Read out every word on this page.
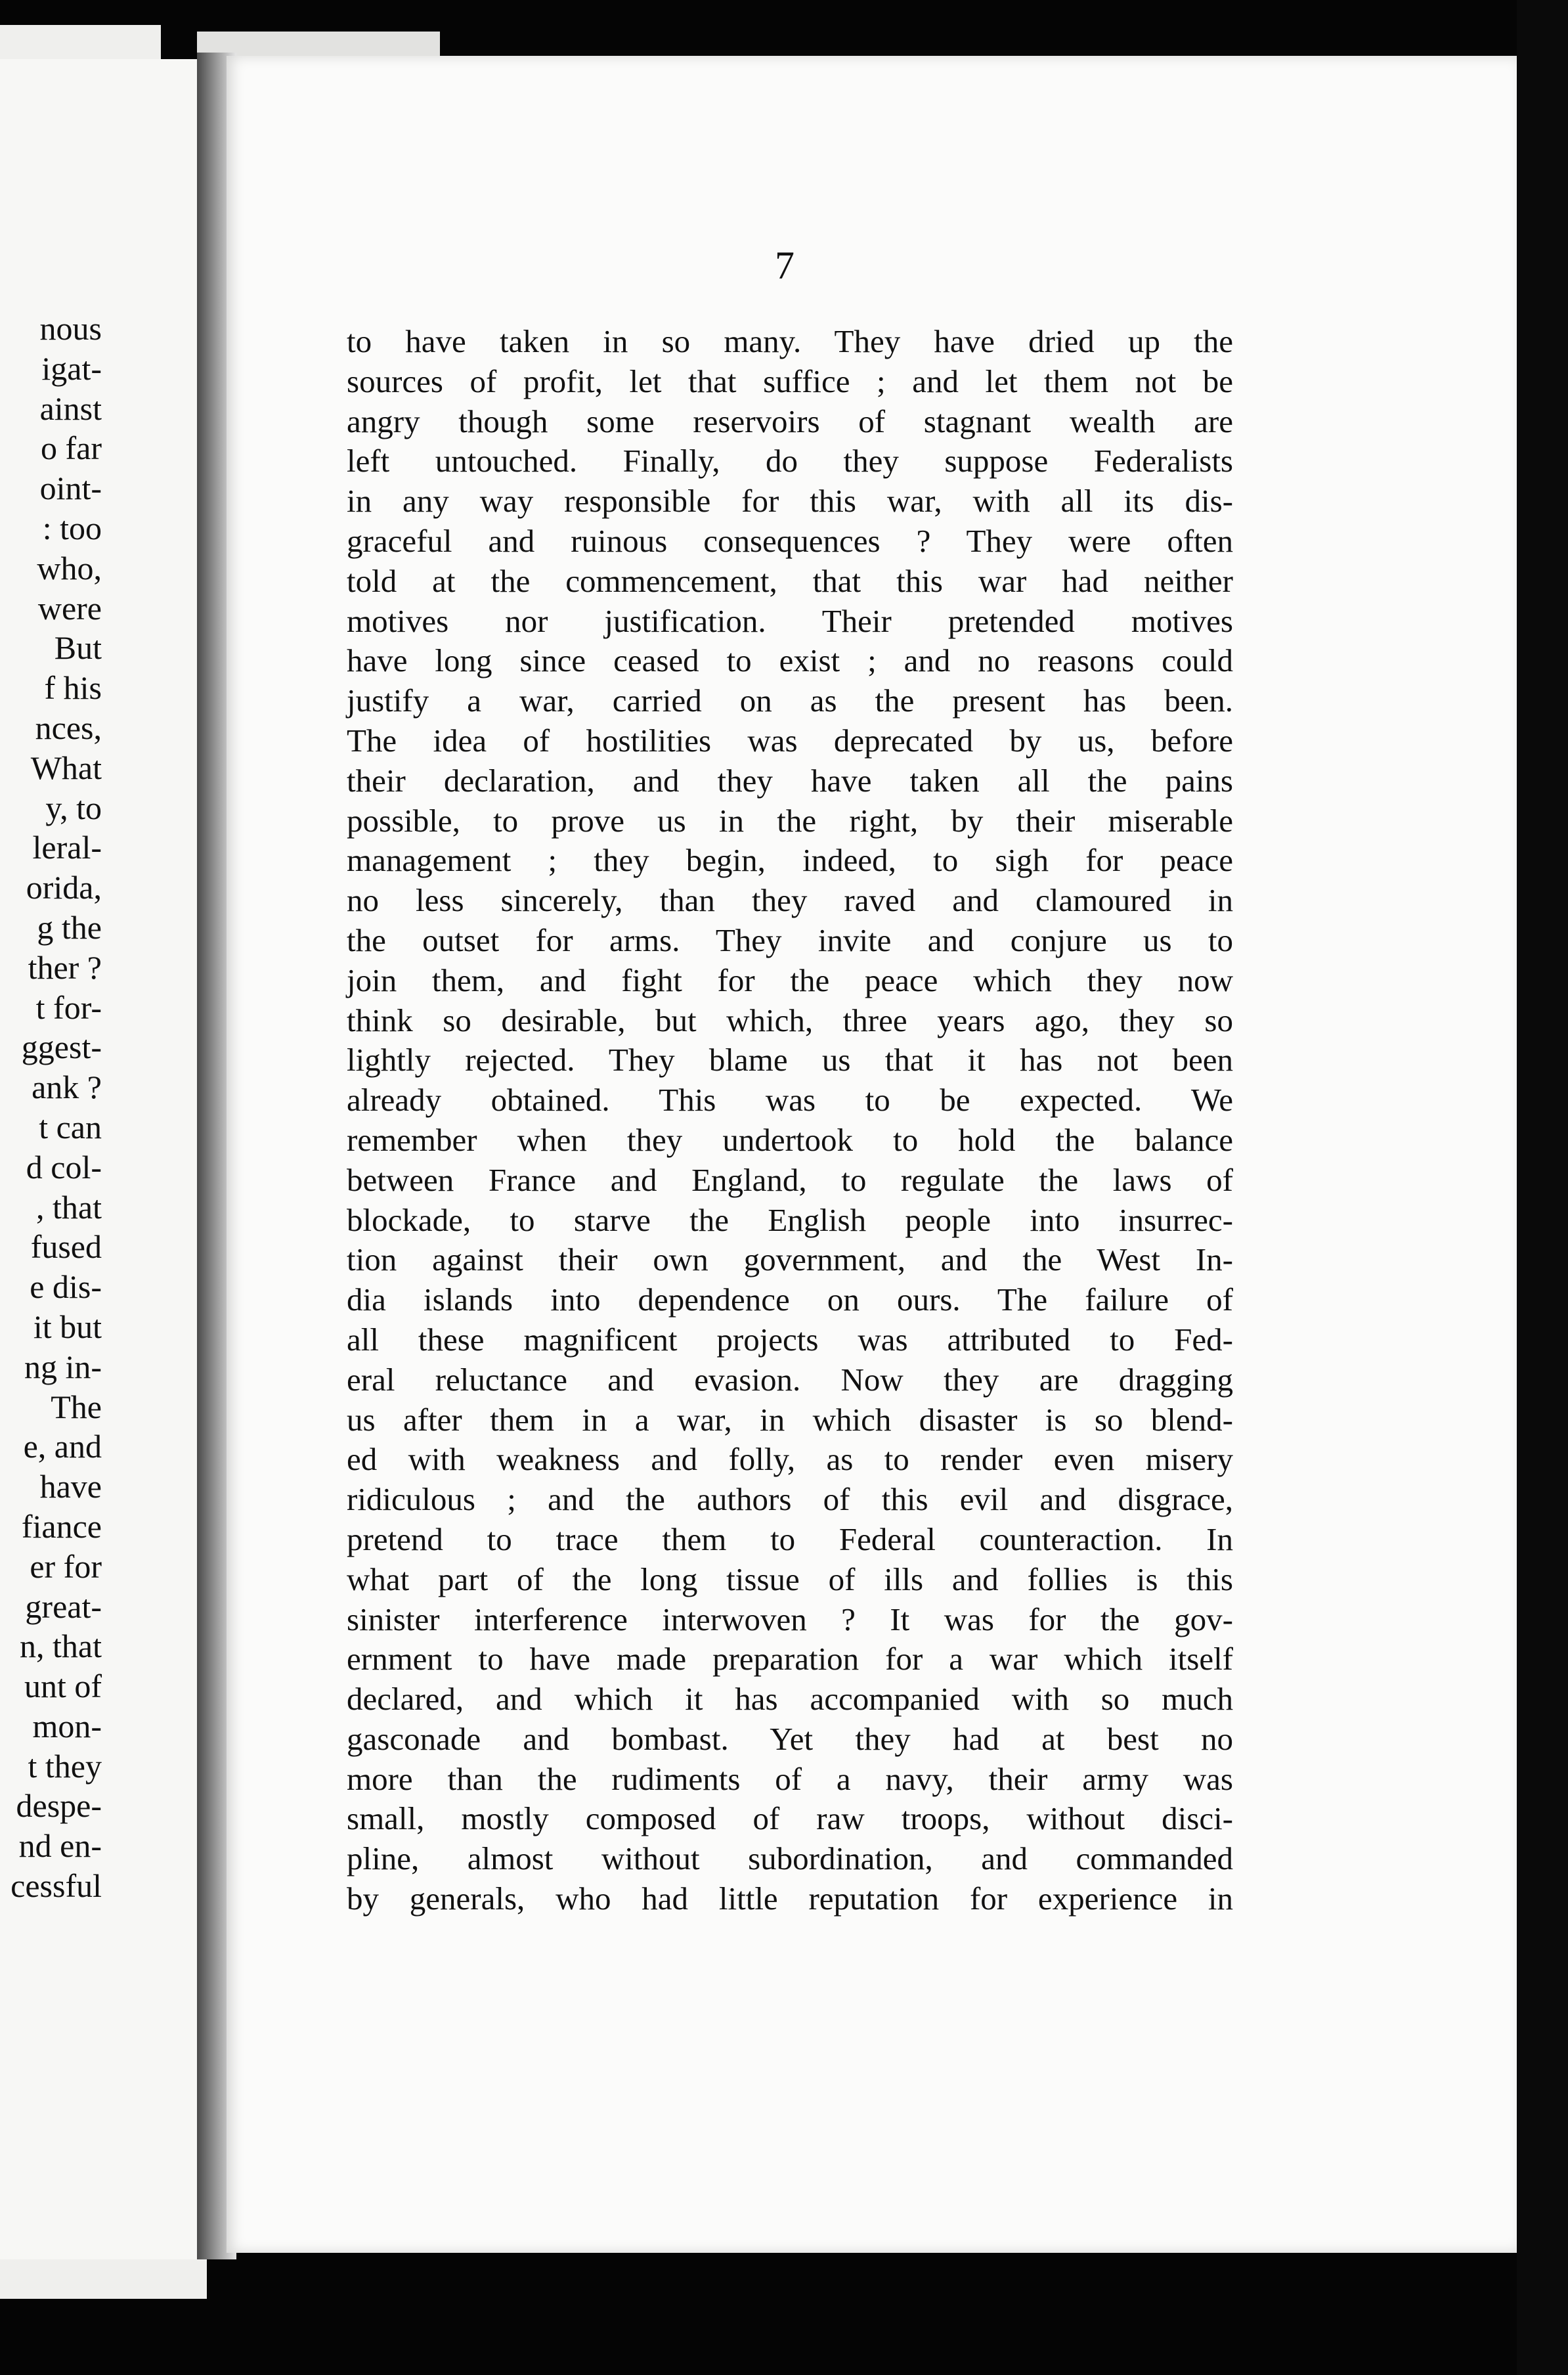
nous
igat-
ainst
o far
oint-
: too
who,
were
But
f his
nces,
What
y, to
leral-
orida,
g the
ther ?
t for-
ggest-
ank ?
t can
d col-
, that
fused
e dis-
it but
ng in-
The
e, and
have
fiance
er for
great-
n, that
unt of
mon-
t they
despe-
nd en-
cessful
7
to have taken in so many. They have dried up the
sources of profit, let that suffice ; and let them not be
angry though some reservoirs of stagnant wealth are
left untouched. Finally, do they suppose Federalists
in any way responsible for this war, with all its dis-
graceful and ruinous consequences ? They were often
told at the commencement, that this war had neither
motives nor justification. Their pretended motives
have long since ceased to exist ; and no reasons could
justify a war, carried on as the present has been.
The idea of hostilities was deprecated by us, before
their declaration, and they have taken all the pains
possible, to prove us in the right, by their miserable
management ; they begin, indeed, to sigh for peace
no less sincerely, than they raved and clamoured in
the outset for arms. They invite and conjure us to
join them, and fight for the peace which they now
think so desirable, but which, three years ago, they so
lightly rejected. They blame us that it has not been
already obtained. This was to be expected. We
remember when they undertook to hold the balance
between France and England, to regulate the laws of
blockade, to starve the English people into insurrec-
tion against their own government, and the West In-
dia islands into dependence on ours. The failure of
all these magnificent projects was attributed to Fed-
eral reluctance and evasion. Now they are dragging
us after them in a war, in which disaster is so blend-
ed with weakness and folly, as to render even misery
ridiculous ; and the authors of this evil and disgrace,
pretend to trace them to Federal counteraction. In
what part of the long tissue of ills and follies is this
sinister interference interwoven ? It was for the gov-
ernment to have made preparation for a war which itself
declared, and which it has accompanied with so much
gasconade and bombast. Yet they had at best no
more than the rudiments of a navy, their army was
small, mostly composed of raw troops, without disci-
pline, almost without subordination, and commanded
by generals, who had little reputation for experience in
